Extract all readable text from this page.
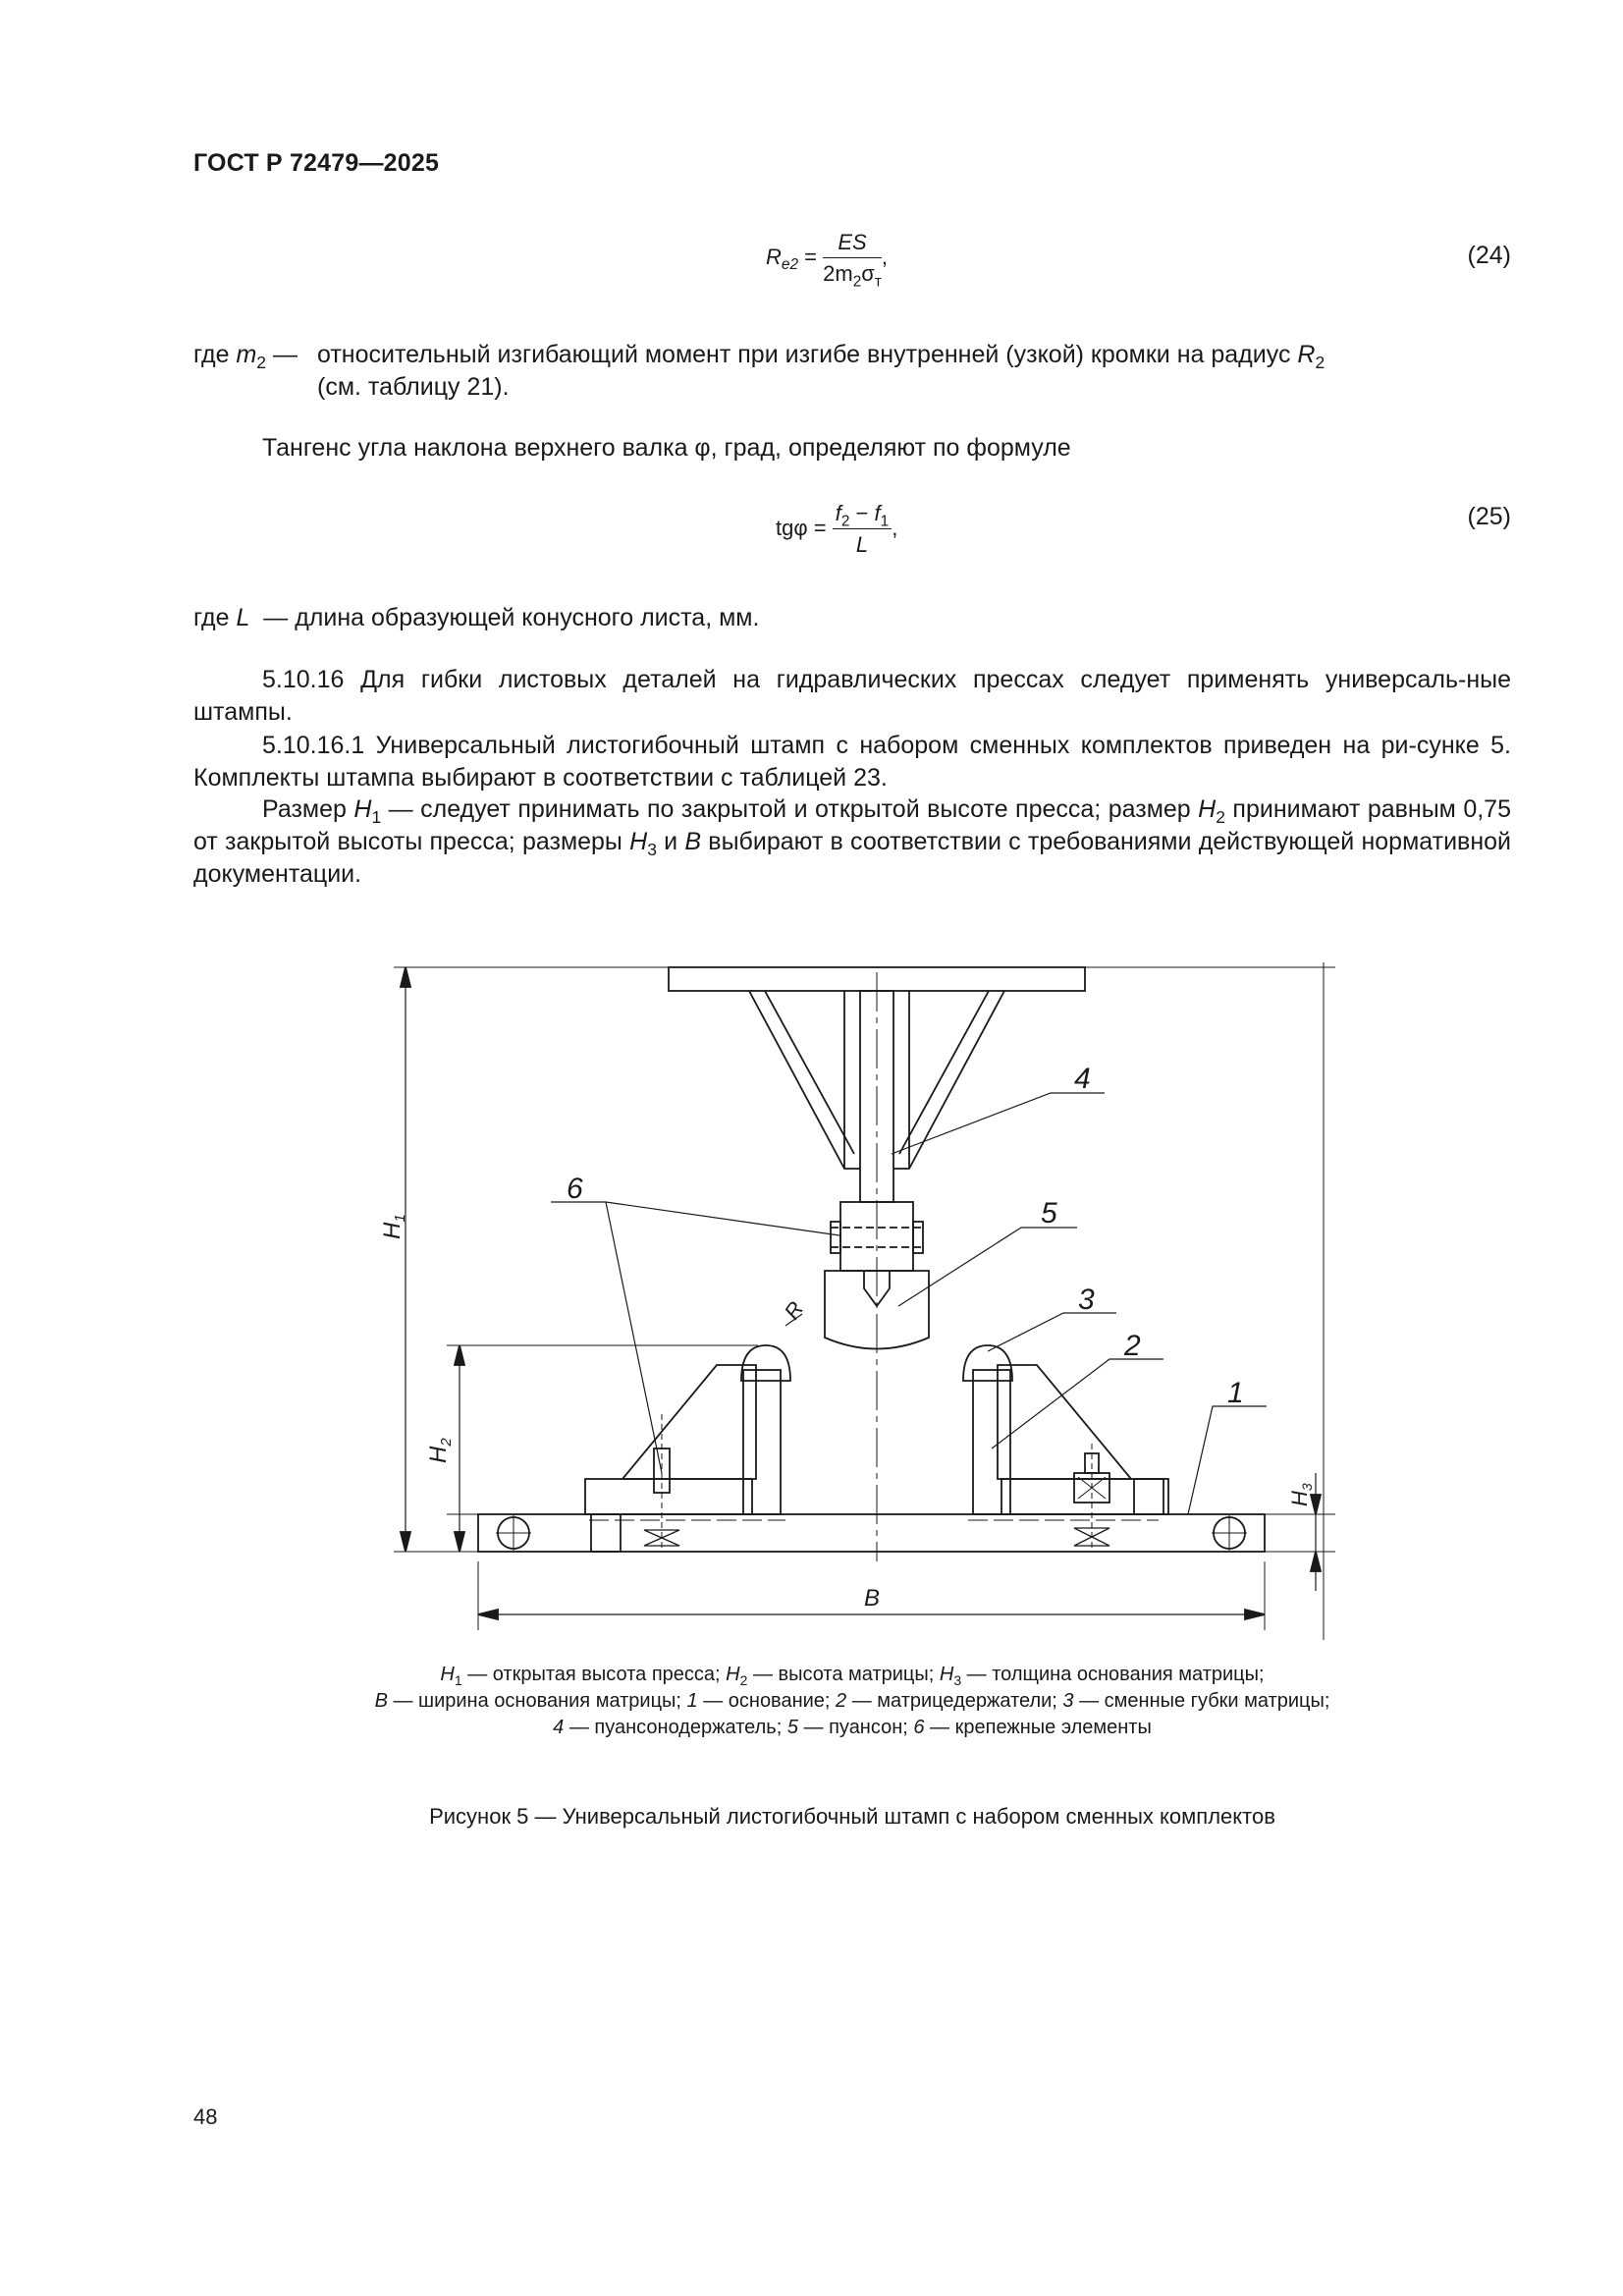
ГОСТ Р 72479—2025
$R_{e2} = \frac{ES}{2m_2\sigma_т}$ ,	(24)
где $m_2$ — относительный изгибающий момент при изгибе внутренней (узкой) кромки на радиус $R_2$
(см. таблицу 21).
Тангенс угла наклона верхнего валка φ, град, определяют по формуле
$tg\varphi = \frac{f_2 - f_1}{L}$ ,	(25)
где L — длина образующей конусного листа, мм.
5.10.16 Для гибки листовых деталей на гидравлических прессах следует применять универсаль-ные штампы.
5.10.16.1 Универсальный листогибочный штамп с набором сменных комплектов приведен на ри-сунке 5. Комплекты штампа выбирают в соответствии с таблицей 23.
Размер $H_1$ — следует принимать по закрытой и открытой высоте пресса; размер $H_2$ принимают равным 0,75 от закрытой высоты пресса; размеры $H_3$ и B выбирают в соответствии с требованиями действующей нормативной документации.
1
2
3
4
5
6
R
$H_1$
$H_2$
$H_3$
B
$H_1$ — открытая высота пресса; $H_2$ — высота матрицы; $H_3$ — толщина основания матрицы;
B — ширина основания матрицы; 1 — основание; 2 — матрицедержатели; 3 — сменные губки матрицы;
4 — пуансонодержатель; 5 — пуансон; 6 — крепежные элементы
Рисунок 5 — Универсальный листогибочный штамп с набором сменных комплектов
48
